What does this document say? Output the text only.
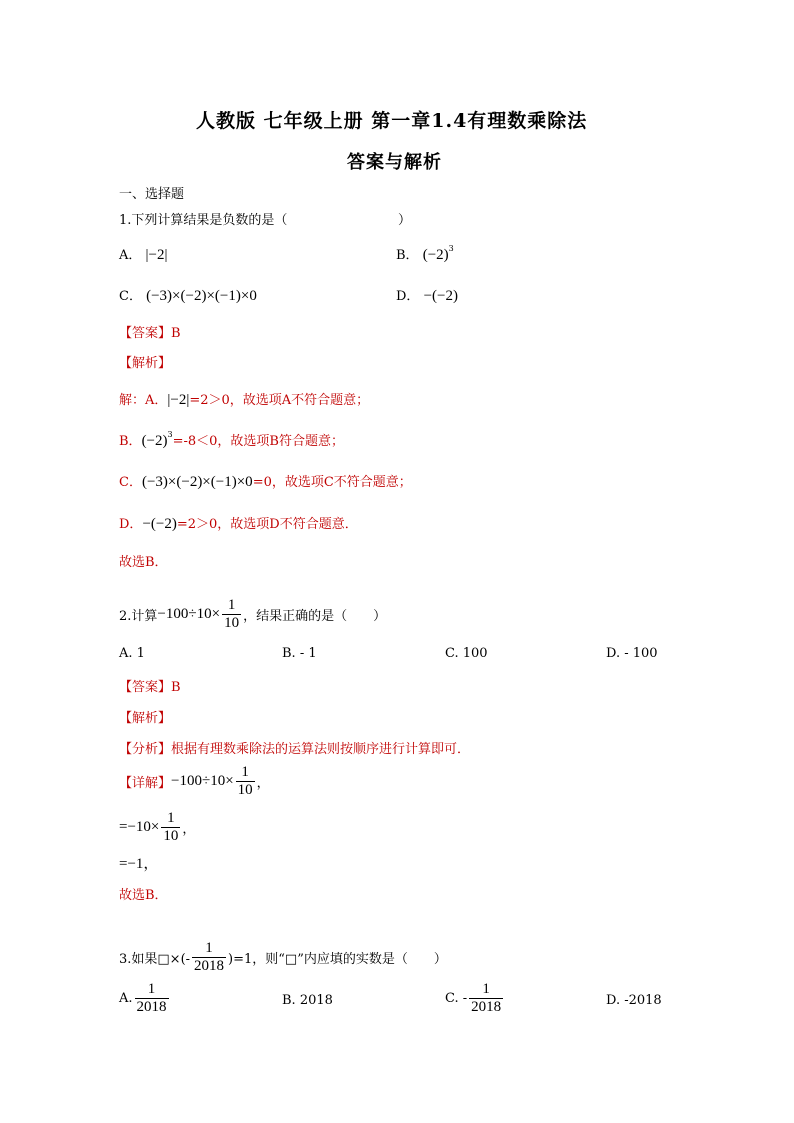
人教版 七年级上册 第一章1.4有理数乘除法
答案与解析
一、选择题
1.下列计算结果是负数的是（	）
A． |−2|	B． $(-2)^3$
C． (−3)×(−2)×(−1)×0	D． −(−2)
【答案】B
【解析】
解：A．|−2|=2＞0，故选项A不符合题意；
B．$(-2)^3=-8<0$，故选项B符合题意；
C．(−3)×(−2)×(−1)×0=0，故选项C不符合题意；
D．−(−2)=2＞0，故选项D不符合题意．
故选B．
2.计算 $-100\div 10\times \frac{1}{10}$ ，结果正确的是（　　）
A. 1	B. - 1	C. 100	D. - 100
【答案】B
【解析】
【分析】根据有理数乘除法的运算法则按顺序进行计算即可．
【详解】 $-100\div 10\times \frac{1}{10}$ ，
$=-10\times \frac{1}{10}$ ，
=−1，
故选B．
3.如果□×(- $\frac{1}{2018} )=1$，则“□”内应填的实数是（　　）
A. $\frac{1}{2018}$	B. 2018	C. - $\frac{1}{2018}$	D. -2018
